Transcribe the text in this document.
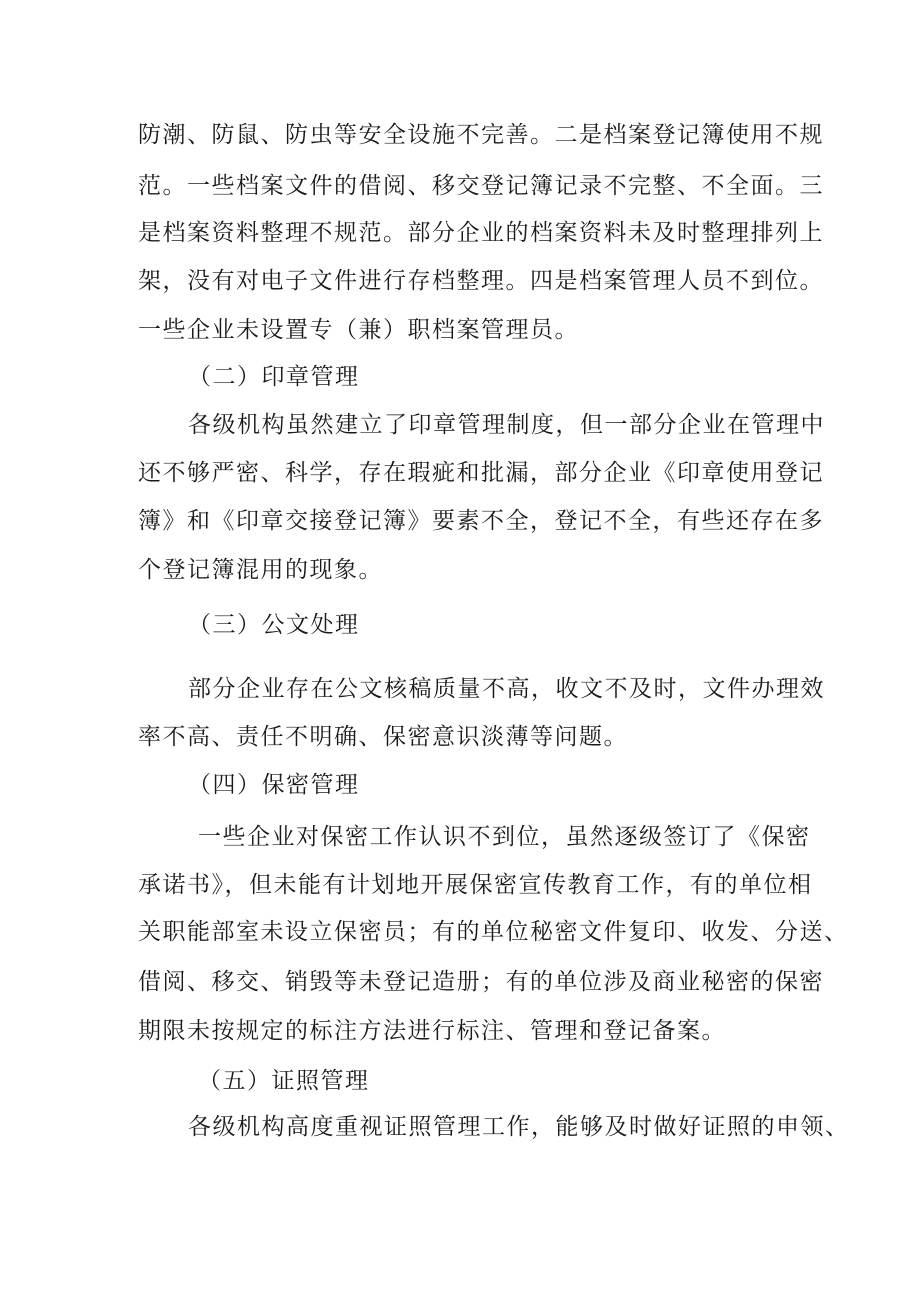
防潮、防鼠、防虫等安全设施不完善。二是档案登记簿使用不规
范。一些档案文件的借阅、移交登记簿记录不完整、不全面。三
是档案资料整理不规范。部分企业的档案资料未及时整理排列上
架，没有对电子文件进行存档整理。四是档案管理人员不到位。
一些企业未设置专（兼）职档案管理员。
（二）印章管理
各级机构虽然建立了印章管理制度，但一部分企业在管理中
还不够严密、科学，存在瑕疵和批漏，部分企业《印章使用登记
簿》和《印章交接登记簿》要素不全，登记不全，有些还存在多
个登记簿混用的现象。
（三）公文处理
部分企业存在公文核稿质量不高，收文不及时，文件办理效
率不高、责任不明确、保密意识淡薄等问题。
（四）保密管理
一些企业对保密工作认识不到位，虽然逐级签订了《保密
承诺书》，但未能有计划地开展保密宣传教育工作，有的单位相
关职能部室未设立保密员；有的单位秘密文件复印、收发、分送、
借阅、移交、销毁等未登记造册；有的单位涉及商业秘密的保密
期限未按规定的标注方法进行标注、管理和登记备案。
（五）证照管理
各级机构高度重视证照管理工作，能够及时做好证照的申领、
